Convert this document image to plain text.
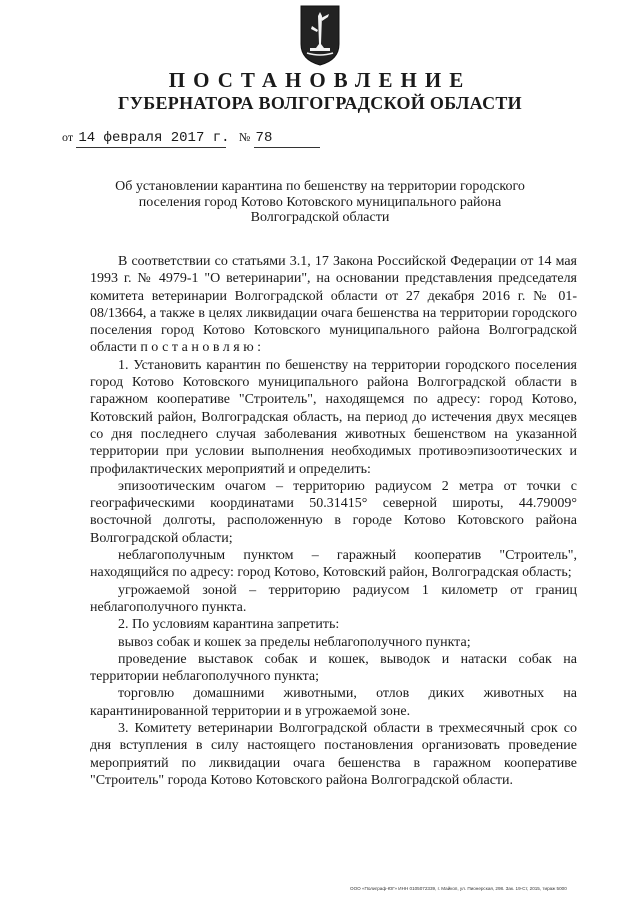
ПОСТАНОВЛЕНИЕ
ГУБЕРНАТОРА ВОЛГОГРАДСКОЙ ОБЛАСТИ
от 14 февраля 2017 г. № 78
Об установлении карантина по бешенству на территории городского поселения город Котово Котовского муниципального района Волгоградской области

В соответствии со статьями 3.1, 17 Закона Российской Федерации от 14 мая 1993 г. № 4979-1 "О ветеринарии", на основании представления председателя комитета ветеринарии Волгоградской области от 27 декабря 2016 г. № 01-08/13664, а также в целях ликвидации очага бешенства на территории городского поселения город Котово Котовского муниципального района Волгоградской области постановляю:

1. Установить карантин по бешенству на территории городского поселения город Котово Котовского муниципального района Волгоградской области в гаражном кооперативе "Строитель", находящемся по адресу: город Котово, Котовский район, Волгоградская область, на период до истечения двух месяцев со дня последнего случая заболевания животных бешенством на указанной территории при условии выполнения необходимых противоэпизоотических и профилактических мероприятий и определить:

эпизоотическим очагом – территорию радиусом 2 метра от точки с географическими координатами 50.31415° северной широты, 44.79009° восточной долготы, расположенную в городе Котово Котовского района Волгоградской области;

неблагополучным пунктом – гаражный кооператив "Строитель", находящийся по адресу: город Котово, Котовский район, Волгоградская область;

угрожаемой зоной – территорию радиусом 1 километр от границ неблагополучного пункта.

2. По условиям карантина запретить:

вывоз собак и кошек за пределы неблагополучного пункта;

проведение выставок собак и кошек, выводок и натаски собак на территории неблагополучного пункта;

торговлю домашними животными, отлов диких животных на карантинированной территории и в угрожаемой зоне.

3. Комитету ветеринарии Волгоградской области в трехмесячный срок со дня вступления в силу настоящего постановления организовать проведение мероприятий по ликвидации очага бешенства в гаражном кооперативе "Строитель" города Котово Котовского района Волгоградской области.

ООО «Полиграф-ЮГ» ИНН 0105072339, г. Майкоп, ул. Пионерская, 298. Зак. 19-Ст, 2015, тираж 5000
